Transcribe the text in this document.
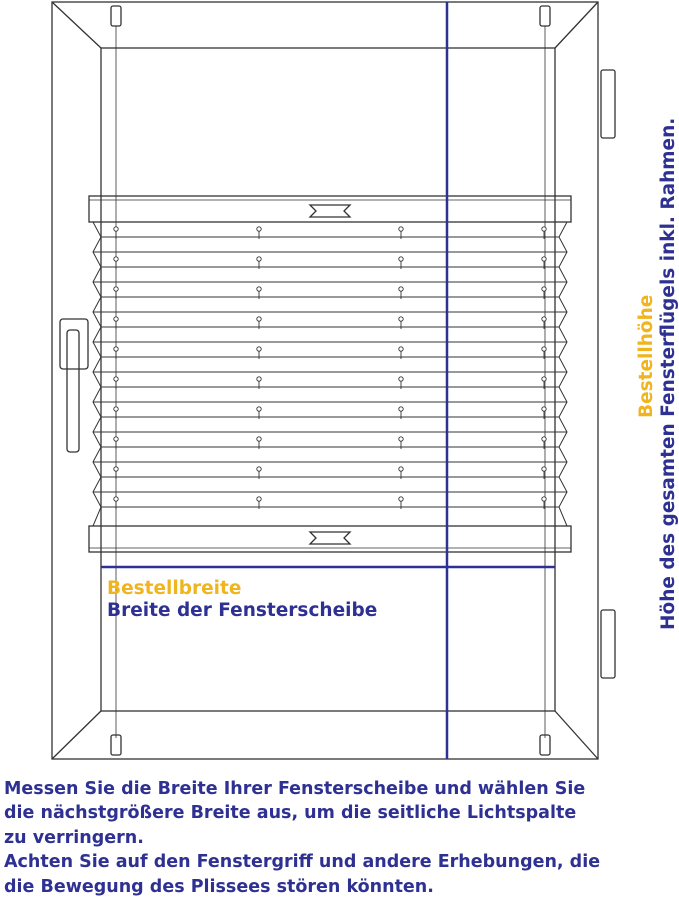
Bestellbreite
Breite der Fensterscheibe	Höhe des gesamten Fensterflügels inkl. Rahmen.
Bestellhöhe
Messen Sie die Breite Ihrer Fensterscheibe und wählen Sie
die nächstgrößere Breite aus, um die seitliche Lichtspalte
zu verringern.
Achten Sie auf den Fenstergriff und andere Erhebungen, die
die Bewegung des Plissees stören könnten.
